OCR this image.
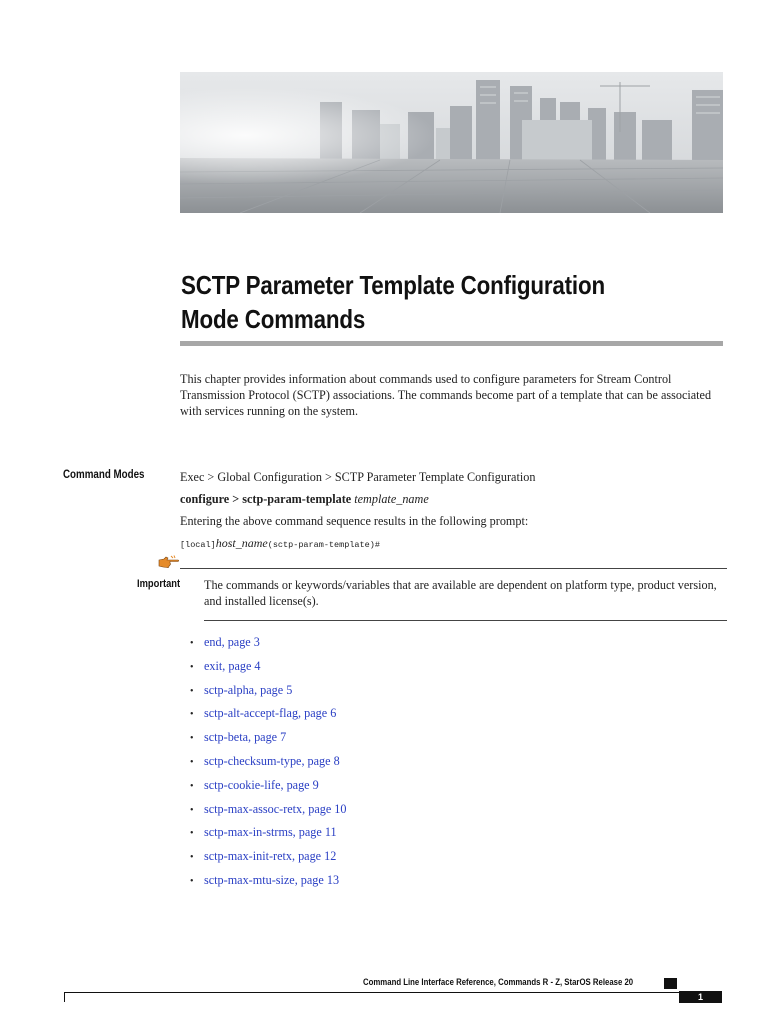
SCTP Parameter Template Configuration Mode Commands

This chapter provides information about commands used to configure parameters for Stream Control Transmission Protocol (SCTP) associations. The commands become part of a template that can be associated with services running on the system.

Command Modes	Exec > Global Configuration > SCTP Parameter Template Configuration
configure > sctp-param-template template_name
Entering the above command sequence results in the following prompt:
[local]host_name(sctp-param-template)#
Important The commands or keywords/variables that are available are dependent on platform type, product version, and installed license(s).

• end, page 3
• exit, page 4
• sctp-alpha, page 5
• sctp-alt-accept-flag, page 6
• sctp-beta, page 7
• sctp-checksum-type, page 8
• sctp-cookie-life, page 9
• sctp-max-assoc-retx, page 10
• sctp-max-in-strms, page 11
• sctp-max-init-retx, page 12
• sctp-max-mtu-size, page 13
Command Line Interface Reference, Commands R - Z, StarOS Release 20
1
